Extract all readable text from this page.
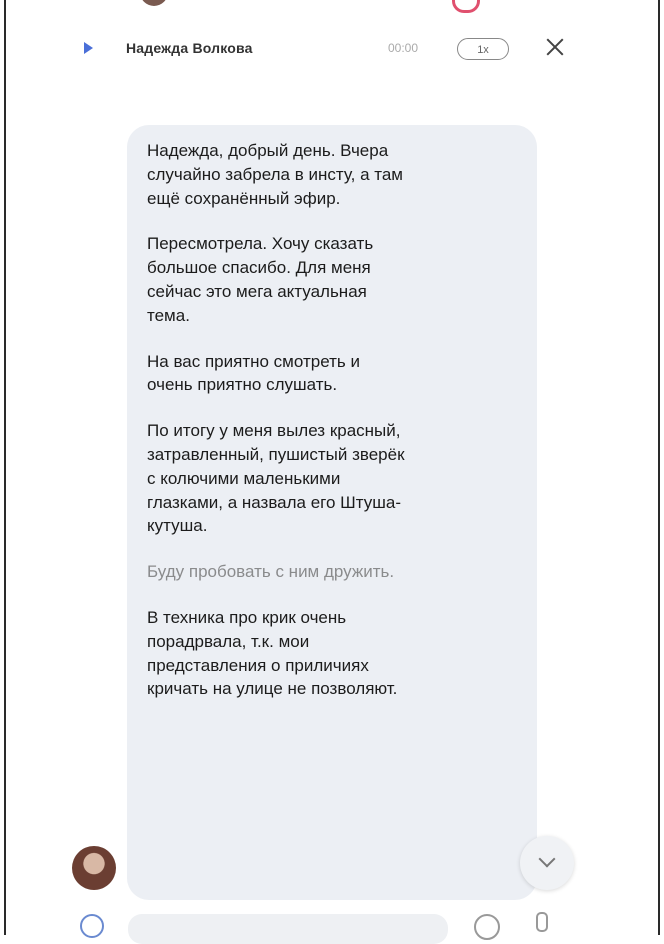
Надежда Волкова	00:00	1x

Надежда, добрый день. Вчера
случайно забрела в инсту, а там
ещё сохранённый эфир.

Пересмотрела. Хочу сказать
большое спасибо. Для меня
сейчас это мега актуальная
тема.

На вас приятно смотреть и
очень приятно слушать.

По итогу у меня вылез красный,
затравленный, пушистый зверёк
с колючими маленькими
глазками, а назвала его Штуша-
кутуша.

Буду пробовать с ним дружить.

В техника про крик очень
порадрвала, т.к. мои
представления о приличиях
кричать на улице не позволяют.
